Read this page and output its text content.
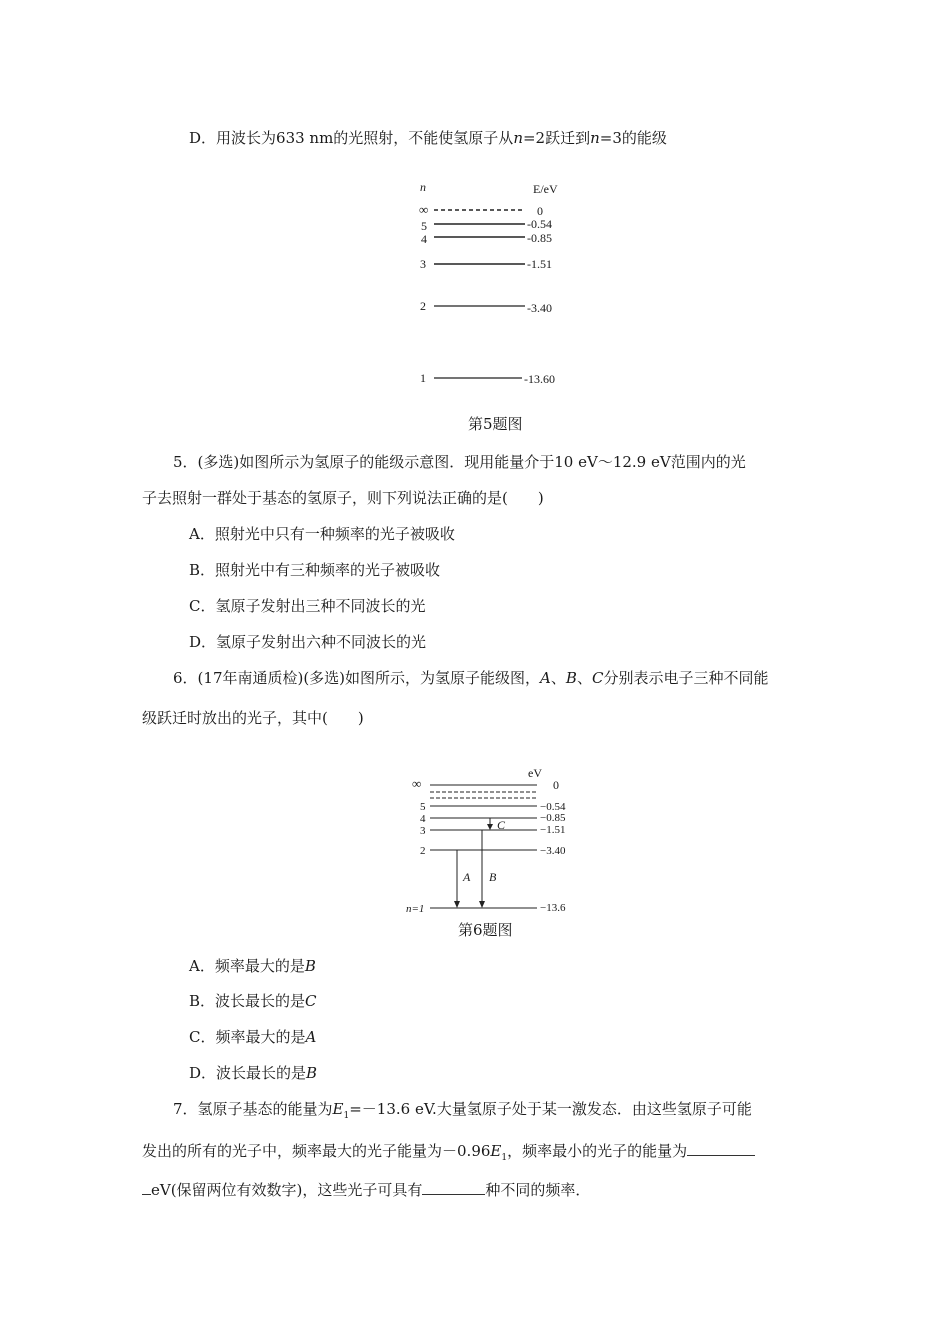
D．用波长为633 nm的光照射，不能使氢原子从n=2跃迁到n=3的能级
n	E/eV
∞
5
4
3
2
1
0
-0.54
-0.85
-1.51
-3.40
-13.60
第5题图
5．(多选)如图所示为氢原子的能级示意图．现用能量介于10 eV～12.9 eV范围内的光
子去照射一群处于基态的氢原子，则下列说法正确的是(　　)
A．照射光中只有一种频率的光子被吸收
B．照射光中有三种频率的光子被吸收
C．氢原子发射出三种不同波长的光
D．氢原子发射出六种不同波长的光
6．(17年南通质检)(多选)如图所示，为氢原子能级图，A、B、C分别表示电子三种不同能
级跃迁时放出的光子，其中(　　)
eV
∞	0
5	−0.54
4	−0.85
3	−1.51
2	−3.40
n=1	−13.6
C
A B
第6题图
A．频率最大的是B
B．波长最长的是C
C．频率最大的是A
D．波长最长的是B
7．氢原子基态的能量为$E_1=-13.6$ eV.大量氢原子处于某一激发态．由这些氢原子可能
发出的所有的光子中，频率最大的光子能量为$-0.96E_1$，频率最小的光子的能量为
eV(保留两位有效数字)，这些光子可具有	种不同的频率．
